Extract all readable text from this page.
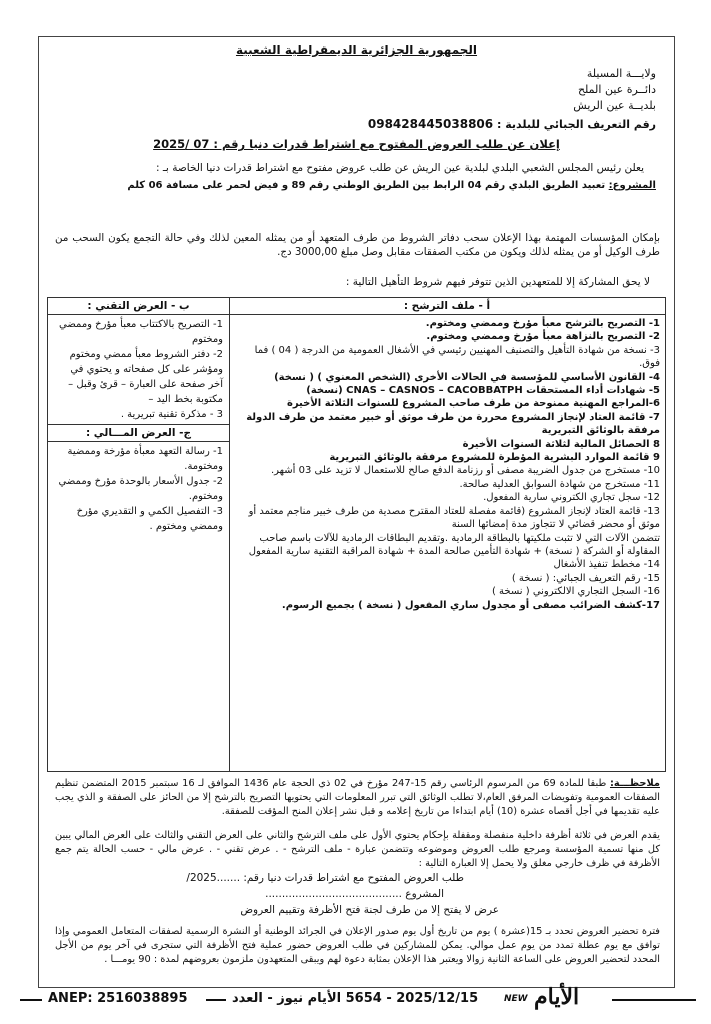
الجمهورية الجزائرية الديمقراطية الشعبية
ولايـــة المسيلة
دائــرة عين الملح
بلديــة عين الريش
رقم التعريف الجبائي للبلدية : 098428445038806
إعلان عن طلب العروض المفتوح مع اشتراط قدرات دنيا رقم : 07 /2025
يعلن رئيس المجلس الشعبي البلدي لبلدية عين الريش عن طلب عروض مفتوح مع اشتراط قدرات دنيا الخاصة بـ :
المشروع: تعبيد الطريق البلدي رقم 04 الرابط بين الطريق الوطني رقم 89 و فيض لحمر على مسافة 06 كلم
بإمكان المؤسسات المهتمة بهذا الإعلان سحب دفاتر الشروط من طرف المتعهد أو من يمثله المعين لذلك وفي حالة التجمع يكون السحب من طرف الوكيل أو من يمثله لذلك ويكون من مكتب الصفقات مقابل وصل مبلغ 3000,00 دج.
لا يحق المشاركة إلا للمتعهدين الذين تتوفر فيهم شروط التأهيل التالية :
أ - ملف الترشح :
1- التصريح بالترشح معبأ مؤرخ وممضي ومختوم.
2- التصريح بالنزاهة معبأ مؤرخ وممضي ومختوم.
3- نسخة من شهادة التأهيل والتصنيف المهنيين رئيسي في الأشغال العمومية من الدرجة ( 04 ) فما فوق.
4- القانون الأساسي للمؤسسة في الحالات الأخرى (الشخص المعنوي ) ( نسخة)
5- شهادات أداء المستحقات CNAS – CASNOS – CACOBBATPH (نسخة)
6-المراجع المهنية ممنوحة من طرف صاحب المشروع للسنوات الثلاثة الأخيرة
7- قائمة العتاد لإنجاز المشروع محررة من طرف موثق أو خبير معتمد من طرف الدولة مرفقة بالوثائق التبريرية
8 الحصائل المالية لثلاثة السنوات الأخيرة
9 قائمة الموارد البشرية المؤطرة للمشروع مرفقة بالوثائق التبريرية
10- مستخرج من جدول الضريبة مصفى أو رزنامة الدفع صالح للاستعمال لا تزيد على 03 أشهر.
11- مستخرج من شهادة السوابق العدلية صالحة.
12- سجل تجاري الكتروني سارية المفعول.
13- قائمة العتاد لإنجاز المشروع (قائمة مفصلة للعتاد المقترح مصدية من طرف خبير مناجم معتمد أو موثق أو محضر قضائي لا تتجاوز مدة إمضائها السنة
تتضمن الآلات التي لا تثبت ملكيتها بالبطاقة الرمادية .وتقديم البطاقات الرمادية للآلات باسم صاحب المقاولة أو الشركة ( نسخة) + شهادة التأمين صالحة المدة + شهادة المراقبة التقنية سارية المفعول
14- مخطط تنفيذ الأشغال
15- رقم التعريف الجبائي: ( نسخة )
16- السجل التجاري الالكتروني ( نسخة )
17-كشف الضرائب مصفى أو مجدول ساري المفعول ( نسخة ) بجميع الرسوم.
ب - العرض التقني :
1- التصريح بالاكتتاب معبأ مؤرخ وممضي ومختوم
2- دفتر الشروط معبأ ممضي ومختوم ومؤشر على كل صفحاته و يحتوي في آخر صفحة على العبارة – قرئ وقبل – مكتوبة بخط اليد –
3 - مذكرة تقنية تبريرية .
ج- العرض المـــالي :
1- رسالة التعهد معبأة مؤرخة وممضية ومختومة.
2- جدول الأسعار بالوحدة مؤرخ وممضي ومختوم.
3- التفصيل الكمي و التقديري مؤرخ وممضي ومختوم .
ملاحظـــة: طبقا للمادة 69 من المرسوم الرئاسي رقم 15-247 مؤرخ في 02 ذي الحجة عام 1436 الموافق لـ 16 سبتمبر 2015 المتضمن تنظيم الصفقات العمومية وتفويضات المرفق العام،لا تطلب الوثائق التي تبرر المعلومات التي يحتويها التصريح بالترشح إلا من الحائز على الصفقة و الذي يجب عليه تقديمها في أجل أقصاه عشرة (10) أيام ابتداءا من تاريخ إعلامه و قبل نشر إعلان المنح المؤقت للصفقة.
يقدم العرض في ثلاثة أظرفة داخلية منفصلة ومقفلة بإحكام يحتوي الأول على ملف الترشح والثاني على العرض التقني والثالث على العرض المالي يبين كل منها تسمية المؤسسة ومرجع طلب العروض وموضوعه وتتضمن عبارة - ملف الترشح - . عرض تقني - . عرض مالي - حسب الحالة يتم جمع الأظرفة في ظرف خارجي مغلق ولا يحمل إلا العبارة التالية :
طلب العروض المفتوح مع اشتراط قدرات دنيا رقم: .......2025/
المشروع .........................................
عرض لا يفتح إلا من طرف لجنة فتح الأظرفة وتقييم العروض
فترة تحضير العروض تحدد بـ 15(عشرة ) يوم من تاريخ أول يوم صدور الإعلان في الجرائد الوطنية أو النشرة الرسمية لصفقات المتعامل العمومي وإذا توافق مع يوم عطلة تمدد من يوم عمل موالي. يمكن للمشاركين في طلب العروض حضور عملية فتح الأظرفة التي ستجرى في آخر يوم من الأجل المحدد لتحضير العروض على الساعة الثانية زوالا ويعتبر هذا الإعلان بمثابة دعوة لهم ويبقى المتعهدون ملزمون بعروضهم لمدة : 90 يومـــا .
ANEP: 2516038895	2025/12/15 - 5654 الأيام نيوز - العدد	NEW الأيام
